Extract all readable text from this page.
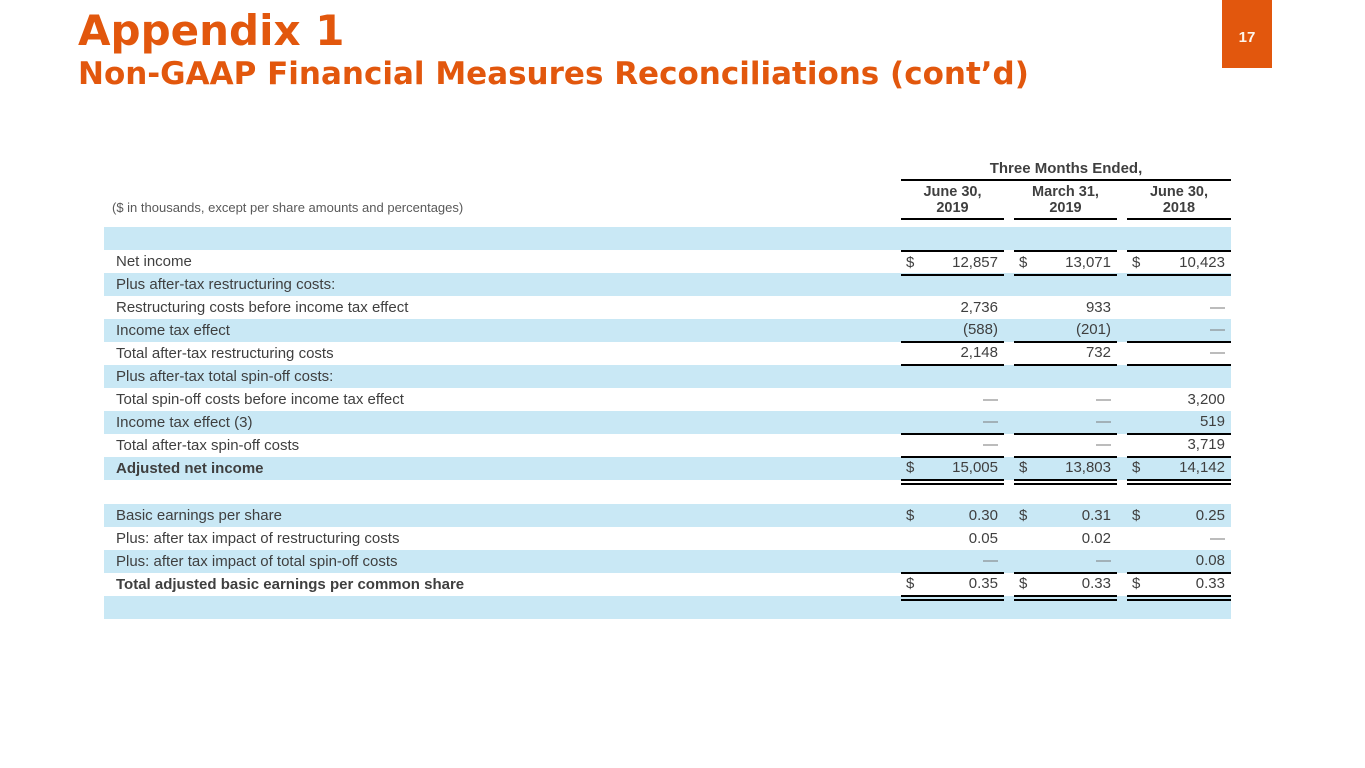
Appendix 1
Non-GAAP Financial Measures Reconciliations (cont’d)
17
Three Months Ended,
($ in thousands, except per share amounts and percentages)
June 30,
2019
March 31,
2019
June 30,
2018
Net income	$	12,857 $	13,071 $	10,423
Plus after-tax restructuring costs:
Restructuring costs before income tax effect	2,736	933	—
Income tax effect	(588)	(201)	—
Total after-tax restructuring costs	2,148	732	—
Plus after-tax total spin-off costs:
Total spin-off costs before income tax effect	—	—	3,200
Income tax effect (3)	—	—	519
Total after-tax spin-off costs	—	—	3,719
Adjusted net income	$	15,005 $	13,803 $	14,142
Basic earnings per share	$	0.30 $	0.31 $	0.25
Plus: after tax impact of restructuring costs	0.05	0.02	—
Plus: after tax impact of total spin-off costs	—	—	0.08
Total adjusted basic earnings per common share	$	0.35 $	0.33 $	0.33
